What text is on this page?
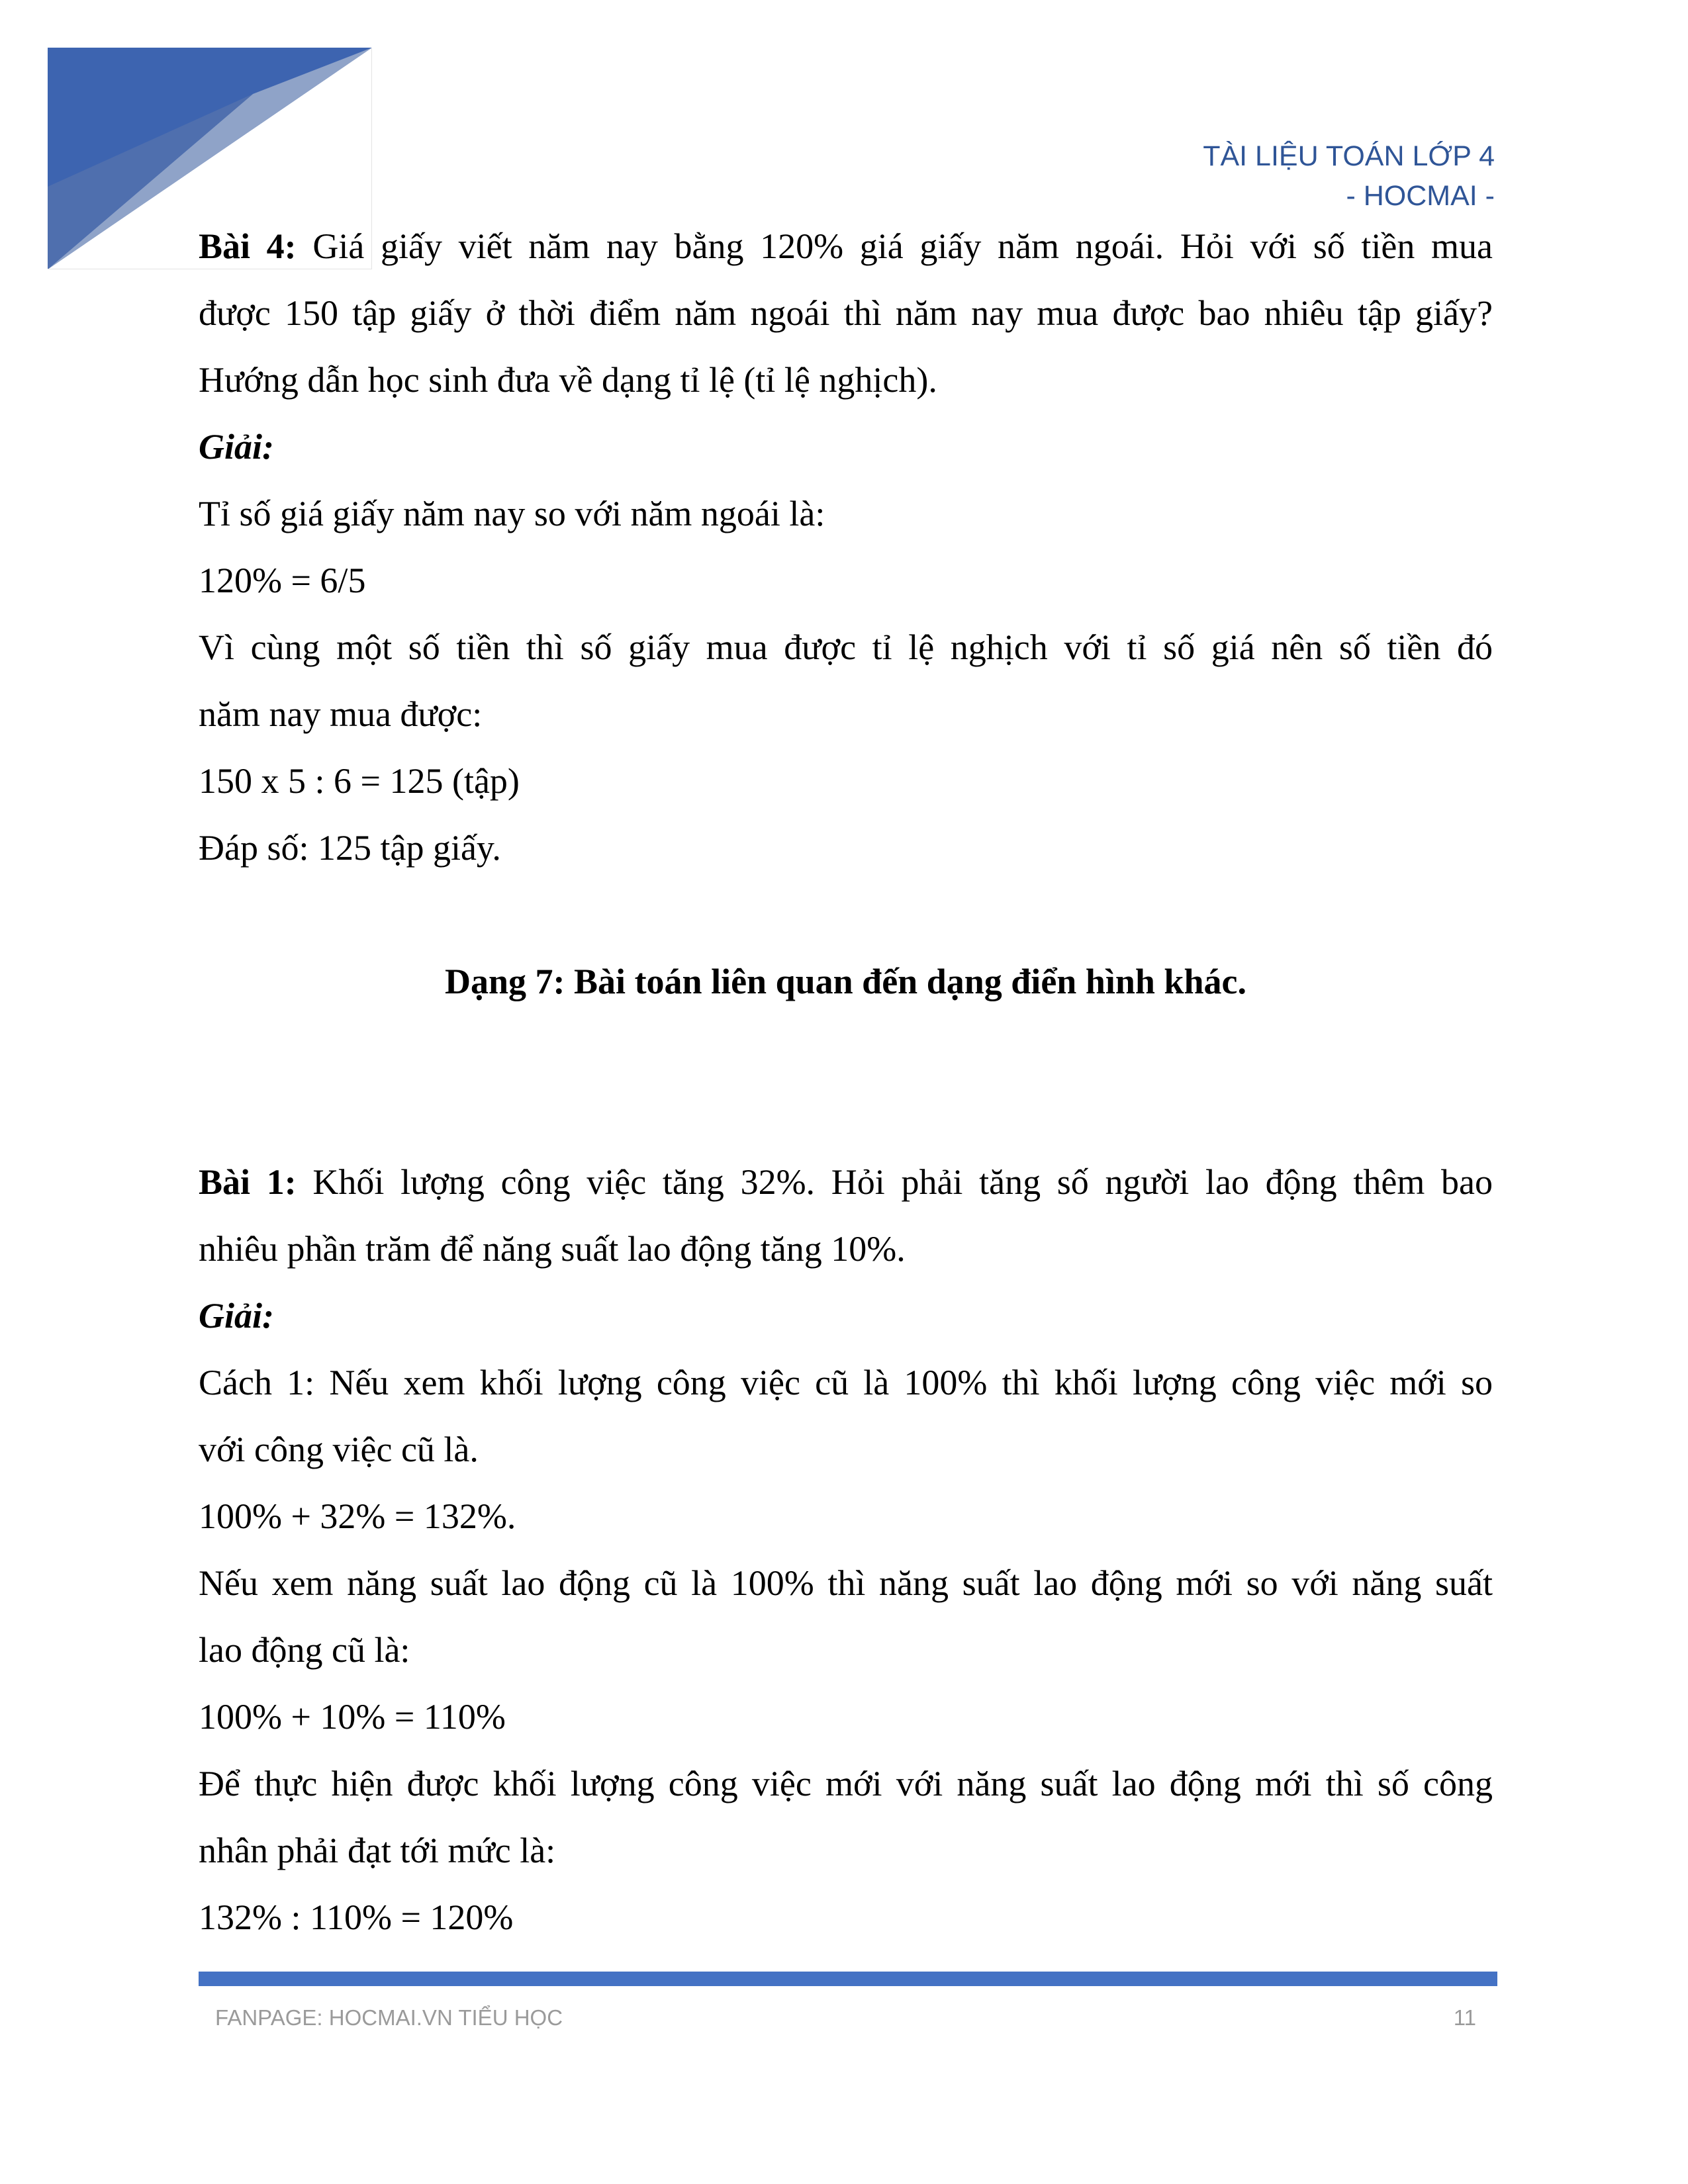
TÀI LIỆU TOÁN LỚP 4
- HOCMAI -

Bài 4: Giá giấy viết năm nay bằng 120% giá giấy năm ngoái. Hỏi với số tiền mua

được 150 tập giấy ở thời điểm năm ngoái thì năm nay mua được bao nhiêu tập giấy?

Hướng dẫn học sinh đưa về dạng tỉ lệ (tỉ lệ nghịch).

Giải:

Tỉ số giá giấy năm nay so với năm ngoái là:

120% = 6/5

Vì cùng một số tiền thì số giấy mua được tỉ lệ nghịch với tỉ số giá nên số tiền đó

năm nay mua được:

150 x 5 : 6 = 125 (tập)

Đáp số: 125 tập giấy.

Dạng 7: Bài toán liên quan đến dạng điển hình khác.

Bài 1: Khối lượng công việc tăng 32%. Hỏi phải tăng số người lao động thêm bao

nhiêu phần trăm để năng suất lao động tăng 10%.

Giải:

Cách 1: Nếu xem khối lượng công việc cũ là 100% thì khối lượng công việc mới so

với công việc cũ là.

100% + 32% = 132%.

Nếu xem năng suất lao động cũ là 100% thì năng suất lao động mới so với năng suất

lao động cũ là:

100% + 10% = 110%

Để thực hiện được khối lượng công việc mới với năng suất lao động mới thì số công

nhân phải đạt tới mức là:

132% : 110% = 120%

FANPAGE: HOCMAI.VN TIỂU HỌC	11
